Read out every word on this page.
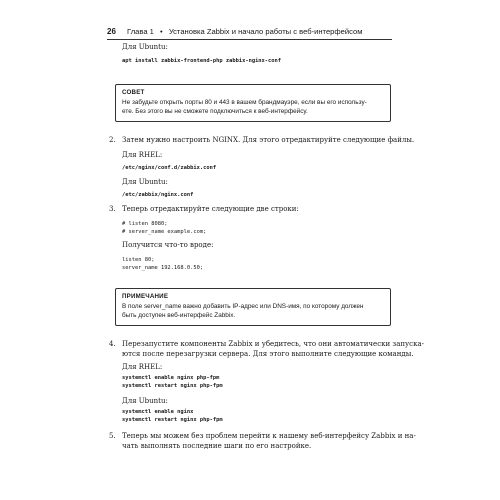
26 Глава 1 • Установка Zabbix и начало работы с веб-интерфейсом
Для Ubuntu:
apt install zabbix-frontend-php zabbix-nginx-conf
СОВЕТ
Не забудьте открыть порты 80 и 443 в вашем брандмауэре, если вы его использу-
ете. Без этого вы не сможете подключиться к веб-интерфейсу.
2. Затем нужно настроить NGINX. Для этого отредактируйте следующие файлы.
Для RHEL:
/etc/nginx/conf.d/zabbix.conf
Для Ubuntu:
/etc/zabbix/nginx.conf
3. Теперь отредактируйте следующие две строки:
# listen 8080;
# server_name example.com;
Получится что-то вроде:
listen 80;
server_name 192.168.0.50;
ПРИМЕЧАНИЕ
В поле server_name важно добавить IP-адрес или DNS-имя, по которому должен
быть доступен веб-интерфейс Zabbix.
4. Перезапустите компоненты Zabbix и убедитесь, что они автоматически запуска-
ются после перезагрузки сервера. Для этого выполните следующие команды.
Для RHEL:
systemctl enable nginx php-fpm
systemctl restart nginx php-fpm
Для Ubuntu:
systemctl enable nginx
systemctl restart nginx php-fpm
5. Теперь мы можем без проблем перейти к нашему веб-интерфейсу Zabbix и на-
чать выполнять последние шаги по его настройке.
